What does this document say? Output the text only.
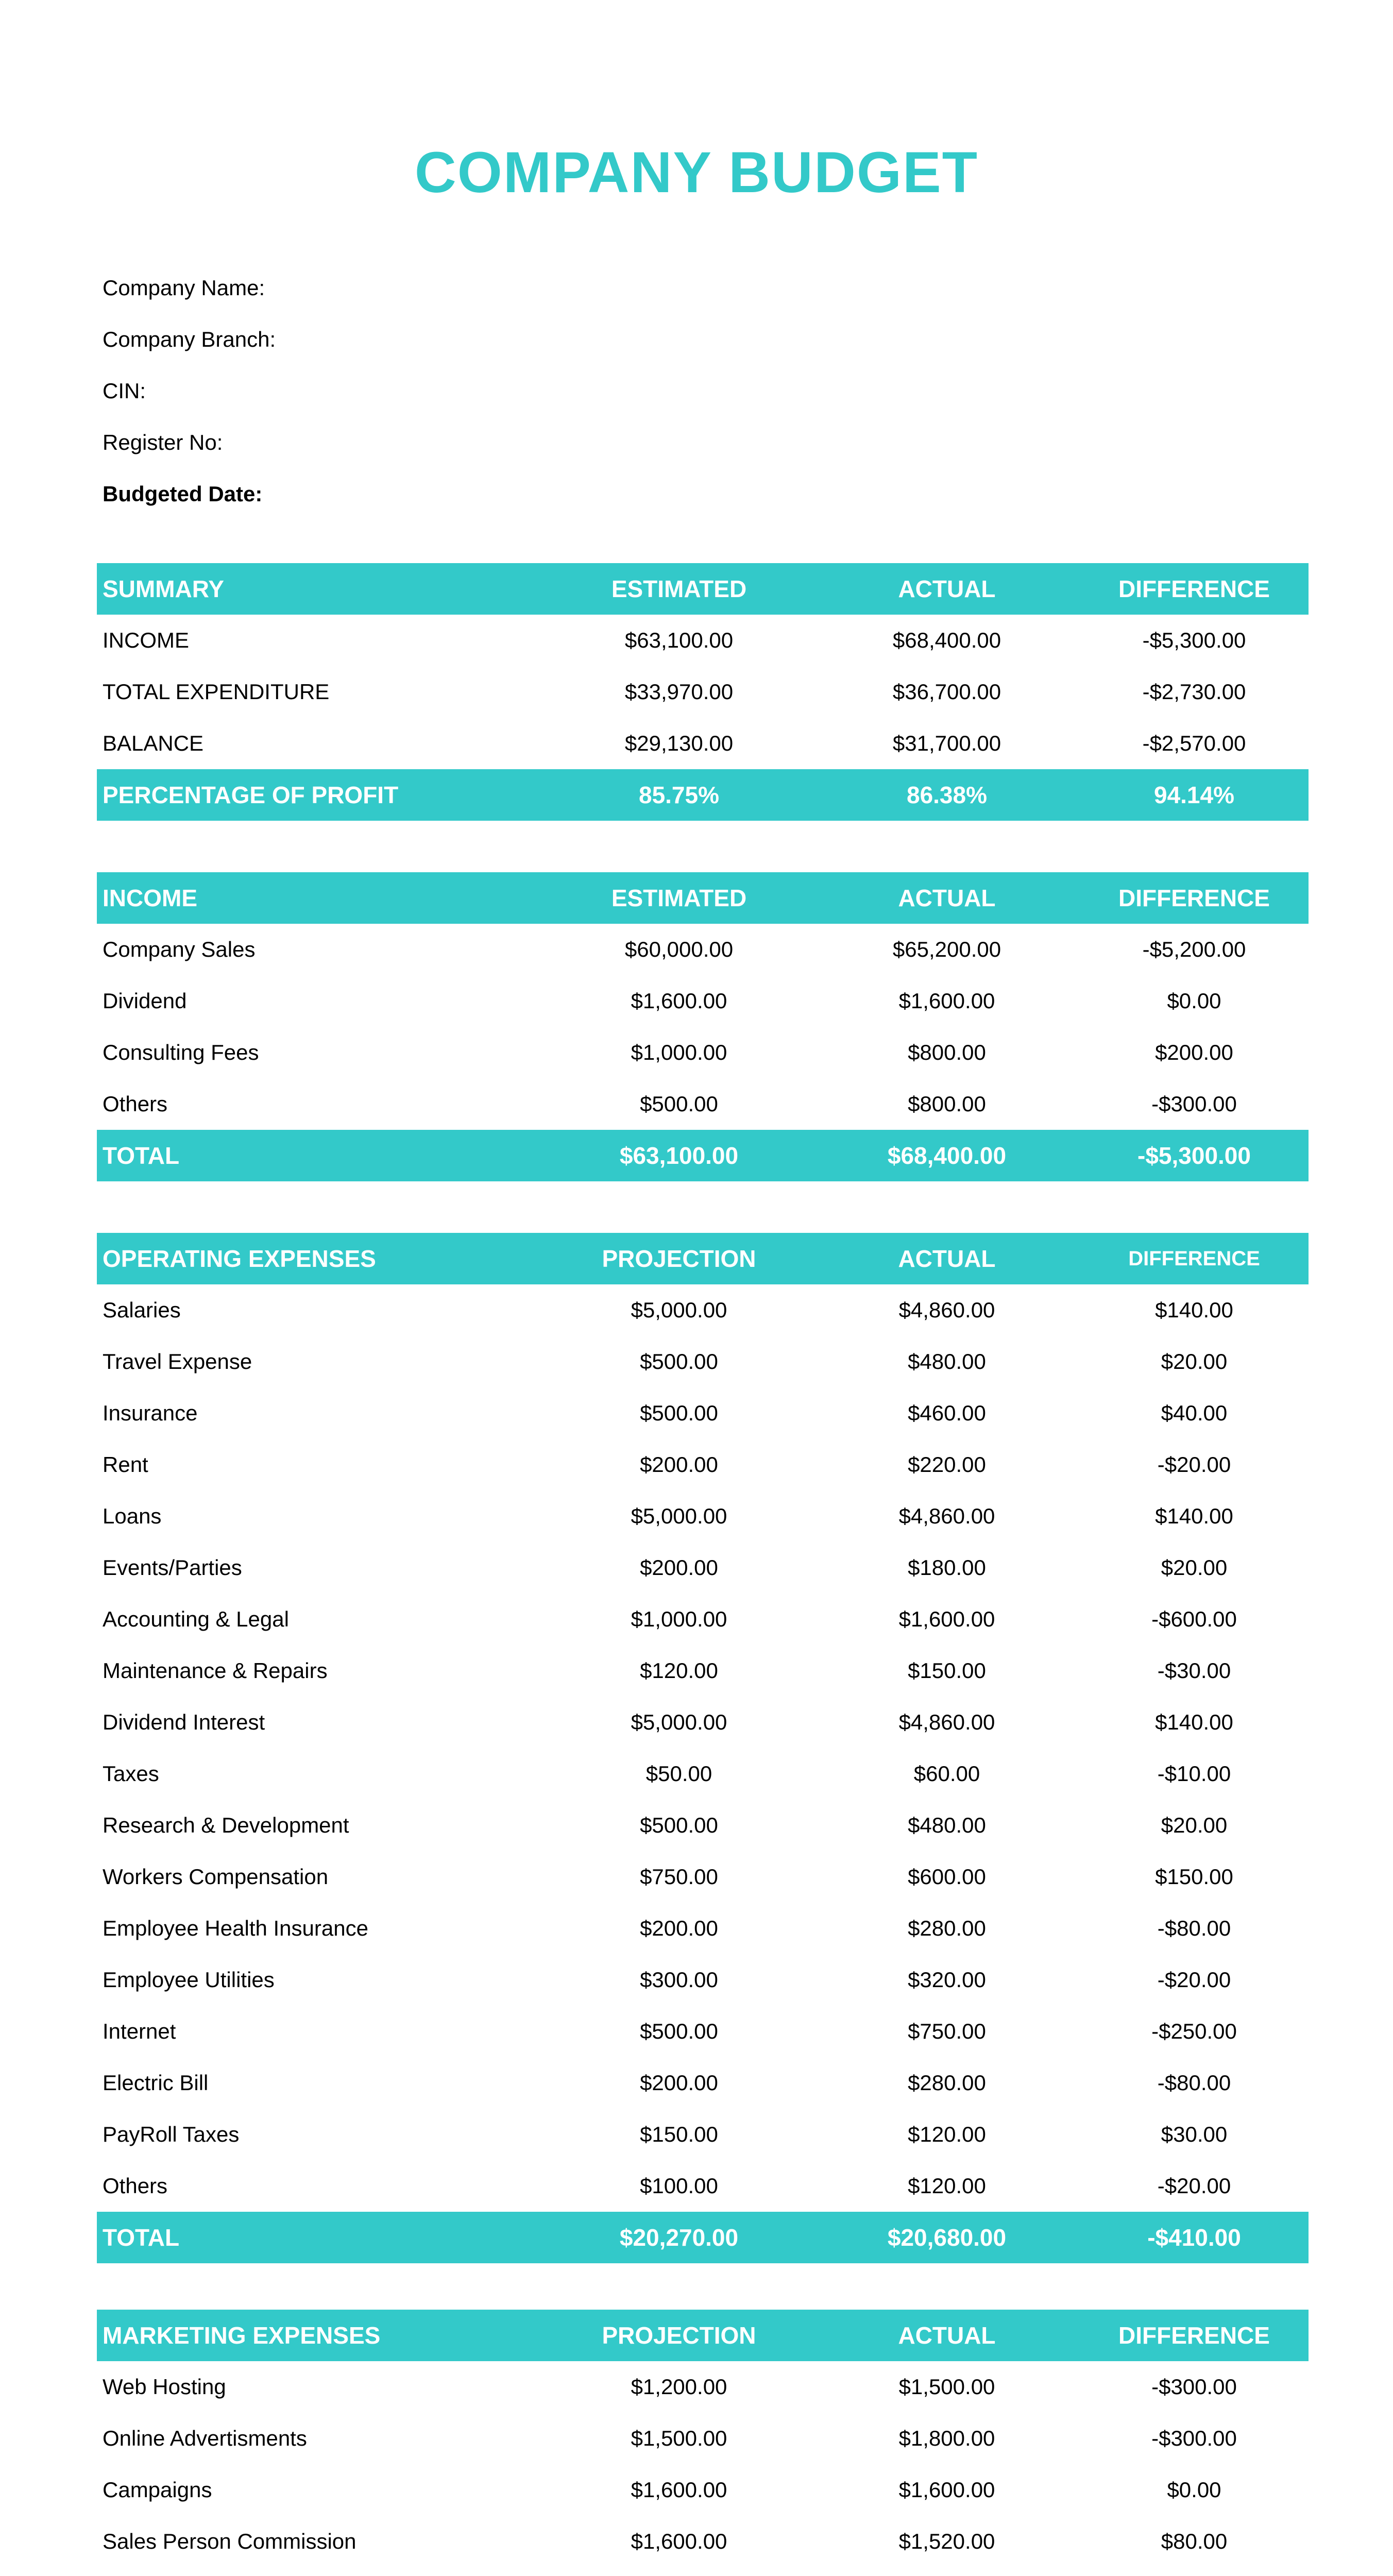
COMPANY BUDGET
Company Name:
Company Branch:
CIN:
Register No:
Budgeted Date:
SUMMARY	ESTIMATED	ACTUAL	DIFFERENCE
INCOME	$63,100.00	$68,400.00	-$5,300.00
TOTAL EXPENDITURE	$33,970.00	$36,700.00	-$2,730.00
BALANCE	$29,130.00	$31,700.00	-$2,570.00
PERCENTAGE OF PROFIT	85.75%	86.38%	94.14%
INCOME	ESTIMATED	ACTUAL	DIFFERENCE
Company Sales	$60,000.00	$65,200.00	-$5,200.00
Dividend	$1,600.00	$1,600.00	$0.00
Consulting Fees	$1,000.00	$800.00	$200.00
Others	$500.00	$800.00	-$300.00
TOTAL	$63,100.00	$68,400.00	-$5,300.00
OPERATING EXPENSES	PROJECTION	ACTUAL	DIFFERENCE
Salaries	$5,000.00	$4,860.00	$140.00
Travel Expense	$500.00	$480.00	$20.00
Insurance	$500.00	$460.00	$40.00
Rent	$200.00	$220.00	-$20.00
Loans	$5,000.00	$4,860.00	$140.00
Events/Parties	$200.00	$180.00	$20.00
Accounting & Legal	$1,000.00	$1,600.00	-$600.00
Maintenance & Repairs	$120.00	$150.00	-$30.00
Dividend Interest	$5,000.00	$4,860.00	$140.00
Taxes	$50.00	$60.00	-$10.00
Research & Development	$500.00	$480.00	$20.00
Workers Compensation	$750.00	$600.00	$150.00
Employee Health Insurance	$200.00	$280.00	-$80.00
Employee Utilities	$300.00	$320.00	-$20.00
Internet	$500.00	$750.00	-$250.00
Electric Bill	$200.00	$280.00	-$80.00
PayRoll Taxes	$150.00	$120.00	$30.00
Others	$100.00	$120.00	-$20.00
TOTAL	$20,270.00	$20,680.00	-$410.00
MARKETING EXPENSES	PROJECTION	ACTUAL	DIFFERENCE
Web Hosting	$1,200.00	$1,500.00	-$300.00
Online Advertisments	$1,500.00	$1,800.00	-$300.00
Campaigns	$1,600.00	$1,600.00	$0.00
Sales Person Commission	$1,600.00	$1,520.00	$80.00
